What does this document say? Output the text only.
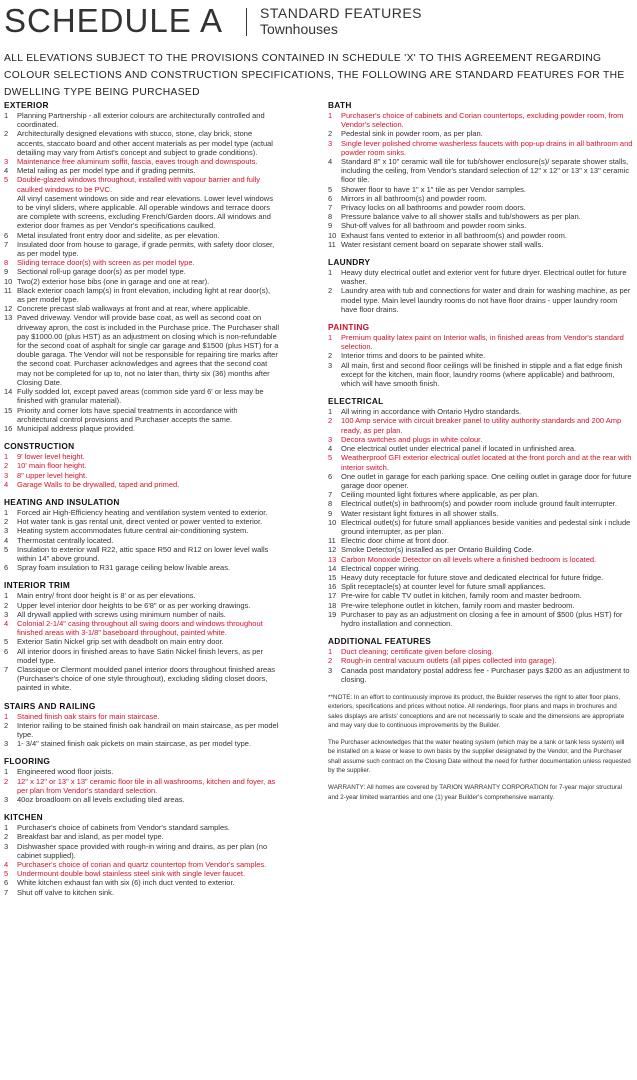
SCHEDULE A	STANDARD FEATURES
Townhouses
ALL ELEVATIONS SUBJECT TO THE PROVISIONS CONTAINED IN SCHEDULE 'X' TO THIS AGREEMENT REGARDING COLOUR SELECTIONS AND CONSTRUCTION SPECIFICATIONS, THE FOLLOWING ARE STANDARD FEATURES FOR THE DWELLING TYPE BEING PURCHASED
EXTERIOR
1 Planning Partnership - all exterior colours are architecturally controlled and coordinated.
2 Architecturally designed elevations with stucco, stone, clay brick, stone accents, staccato board and other accent materials as per model type (actual detailing may vary from Artist's concept and subject to grade conditions).
3 Maintenance free aluminum soffit, fascia, eaves trough and downspouts.
4 Metal railing as per model type and if grading permits.
5 Double-glazed windows throughout, installed with vapour barrier and fully caulked windows to be PVC.
All vinyl casement windows on side and rear elevations. Lower level windows to be vinyl sliders, where applicable. All operable windows and terrace doors are complete with screens, excluding French/Garden doors. All windows and exterior door frames as per Vendor's specifications caulked.
6 Metal insulated front entry door and sidelite, as per elevation.
7 Insulated door from house to garage, if grade permits, with safety door closer, as per model type.
8 Sliding terrace door(s) with screen as per model type.
9 Sectional roll-up garage door(s) as per model type.
10 Two(2) exterior hose bibs (one in garage and one at rear).
11 Black exterior coach lamp(s) in front elevation, including light at rear door(s), as per model type.
12 Concrete precast slab walkways at front and at rear, where applicable.
13 Paved driveway. Vendor will provide base coat, as well as second coat on driveway apron, the cost is included in the Purchase price. The Purchaser shall pay $1000.00 (plus HST) as an adjustment on closing which is non-refundable for the second coat of asphalt for single car garage and $1500 (plus HST) for a double garaga. The Vendor will not be responsible for repairing tire marks after the second coat. Purchaser acknowledges and agrees that the second coat may not be completed for up to, not no later than, thirty six (36) months after Closing Date.
14 Fully sodded lot, except paved areas (common side yard 6' or less may be finished with granular material).
15 Priority and corner lots have special treatments in accordance with architectural control provisions and Purchaser accepts the same.
16 Municipal address plaque provided.
CONSTRUCTION
1 9' lower level height.
2 10' main floor height.
3 8" upper level height.
4 Garage Walls to be drywalled, taped and primed.
HEATING AND INSULATION
1 Forced air High-Efficiency heating and ventilation system vented to exterior.
2 Hot water tank is gas rental unit, direct vented or power vented to exterior.
3 Heating system accommodates future central air-conditioning system.
4 Thermostat centrally located.
5 Insulation to exterior wall R22, attic space R50 and R12 on lower level walls within 14" above ground.
6 Spray foam insulation to R31 garage ceiling below livable areas.
INTERIOR TRIM
1 Main entry/ front door height is 8' or as per elevations.
2 Upper level interior door heights to be 6'8" or as per working drawings.
3 All drywall applied with screws using minimum number of nails.
4 Colonial 2-1/4" casing throughout all swing doors and windows throughout finished areas with 3-1/8" baseboard throughout, painted white.
5 Exterior Satin Nickel grip set with deadbolt on main entry door.
6 All interior doors in finished areas to have Satin Nickel finish levers, as per model type.
7 Classique or Clermont moulded panel interior doors throughout finished areas (Purchaser's choice of one style throughout), excluding sliding closet doors, painted in white.
STAIRS AND RAILING
1 Stained finish oak stairs for main staircase.
2 Interior railing to be stained finish oak handrail on main staircase, as per model type.
3 1- 3/4" stained finish oak pickets on main staircase, as per model type.
FLOORING
1 Engineered wood floor joists.
2 12" x 12" or 13" x 13" ceramic floor tile in all washrooms, kitchen and foyer, as per plan from Vendor's standard selection.
3 40oz broadloom on all levels excluding tiled areas.
KITCHEN
1 Purchaser's choice of cabinets from Vendor's standard samples.
2 Breakfast bar and island, as per model type.
3 Dishwasher space provided with rough-in wiring and drains, as per plan (no cabinet supplied).
4 Purchaser's choice of corian and quartz countertop from Vendor's samples.
5 Undermount double bowl stainless steel sink with single lever faucet.
6 White kitchen exhaust fan with six (6) inch duct vented to exterior.
7 Shut off valve to kitchen sink.
BATH
1 Purchaser's choice of cabinets and Corian countertops, excluding powder room, from Vendor's selection.
2 Pedestal sink in powder room, as per plan.
3 Single lever polished chrome washerless faucets with pop-up drains in all bathroom and powder room sinks.
4 Standard 8" x 10" ceramic wall tile for tub/shower enclosure(s)/ separate shower stalls, including the ceiling, from Vendor's standard selection of 12" x 12" or 13" x 13" ceramic floor tile.
5 Shower floor to have 1" x 1" tile as per Vendor samples.
6 Mirrors in all bathroom(s) and powder room.
7 Privacy locks on all bathrooms and powder room doors.
8 Pressure balance valve to all shower stalls and tub/showers as per plan.
9 Shut-off valves for all bathroom and powder room sinks.
10 Exhaust fans vented to exterior in all bathroom(s) and powder room.
11 Water resistant cement board on separate shower stall walls.
LAUNDRY
1 Heavy duty electrical outlet and exterior vent for future dryer. Electrical outlet for future washer.
2 Laundry area with tub and connections for water and drain for washing machine, as per model type. Main level laundry rooms do not have floor drains - upper laundry room have floor drains.
PAINTING
1 Premium quality latex paint on Interior walls, in finished areas from Vendor's standard selection.
2 Interior trims and doors to be painted white.
3 All main, first and second floor ceilings will be finished in stipple and a flat edge finish except for the kitchen, main floor, laundry rooms (where applicable) and bathroom, which will have smooth finish.
ELECTRICAL
1 All wiring in accordance with Ontario Hydro standards.
2 100 Amp service with circuit breaker panel to utility authority standards and 200 Amp ready, as per plan.
3 Decora switches and plugs in white colour.
4 One electrical outlet under electrical panel if located in unfinished area.
5 Weatherproof GFI exterior electrical outlet located at the front porch and at the rear with interior switch.
6 One outlet in garage for each parking space. One ceiling outlet in garage door for future garage door opener.
7 Ceiling mounted light fixtures where applicable, as per plan.
8 Electrical outlet(s) in bathroom(s) and powder room include ground fault interrupter.
9 Water resistant light fixtures in all shower stalls.
10 Electrical outlet(s) for future small appliances beside vanities and pedestal sink i nclude ground interrupter, as per plan.
11 Electric door chime at front door.
12 Smoke Detector(s) installed as per Ontario Building Code.
13 Carbon Monoxide Detector on all levels where a finished bedroom is located.
14 Electrical copper wiring.
15 Heavy duty receptacle for future stove and dedicated electrical for future fridge.
16 Split receptacle(s) at counter level for future small appliances.
17 Pre-wire for cable TV outlet in kitchen, family room and master bedroom.
18 Pre-wire telephone outlet in kitchen, family room and master bedroom.
19 Purchaser to pay as an adjustment on closing a fee in amount of $500 (plus HST) for hydro installation and connection.
ADDITIONAL FEATURES
1 Duct cleaning; certificate given before closing.
2 Rough-in central vacuum outlets (all pipes collected into garage).
3 Canada post mandatory postal address fee - Purchaser pays $200 as an adjustment to closing.

**NOTE: In an effort to continuously improve its product, the Builder reserves the right to alter floor plans, exteriors, specifications and prices without notice. All renderings, floor plans and maps in brochures and sales displays are artists' conceptions and are not necessarily to scale and the dimensions are appropriate and may vary due to continuous improvements by the Builder.

The Purchaser acknowledges that the water heating system (which may be a tank or tank less system) will be installed on a lease or lease to own basis by the supplier designated by the Vendor, and the Purchaser shall assume such contract on the Closing Date without the need for further documentation unless requested by the supplier.

WARRANTY: All homes are covered by TARION WARRANTY CORPORATION for 7-year major structural and 2-year limited warranties and one (1) year Builder's comprehensive warranty.
